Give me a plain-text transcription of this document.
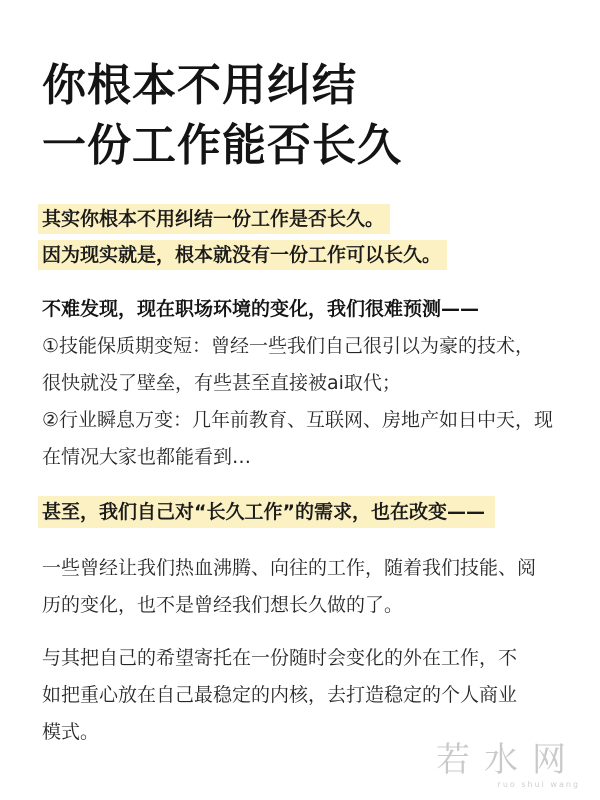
你根本不用纠结
一份工作能否长久
其实你根本不用纠结一份工作是否长久。
因为现实就是，根本就没有一份工作可以长久。
不难发现，现在职场环境的变化，我们很难预测——
①技能保质期变短：曾经一些我们自己很引以为豪的技术，
很快就没了壁垒，有些甚至直接被ai取代；
②行业瞬息万变：几年前教育、互联网、房地产如日中天，现
在情况大家也都能看到…
甚至，我们自己对“长久工作”的需求，也在改变——
一些曾经让我们热血沸腾、向往的工作，随着我们技能、阅
历的变化，也不是曾经我们想长久做的了。
与其把自己的希望寄托在一份随时会变化的外在工作，不
如把重心放在自己最稳定的内核，去打造稳定的个人商业
模式。
若水网
ruo shui wang
